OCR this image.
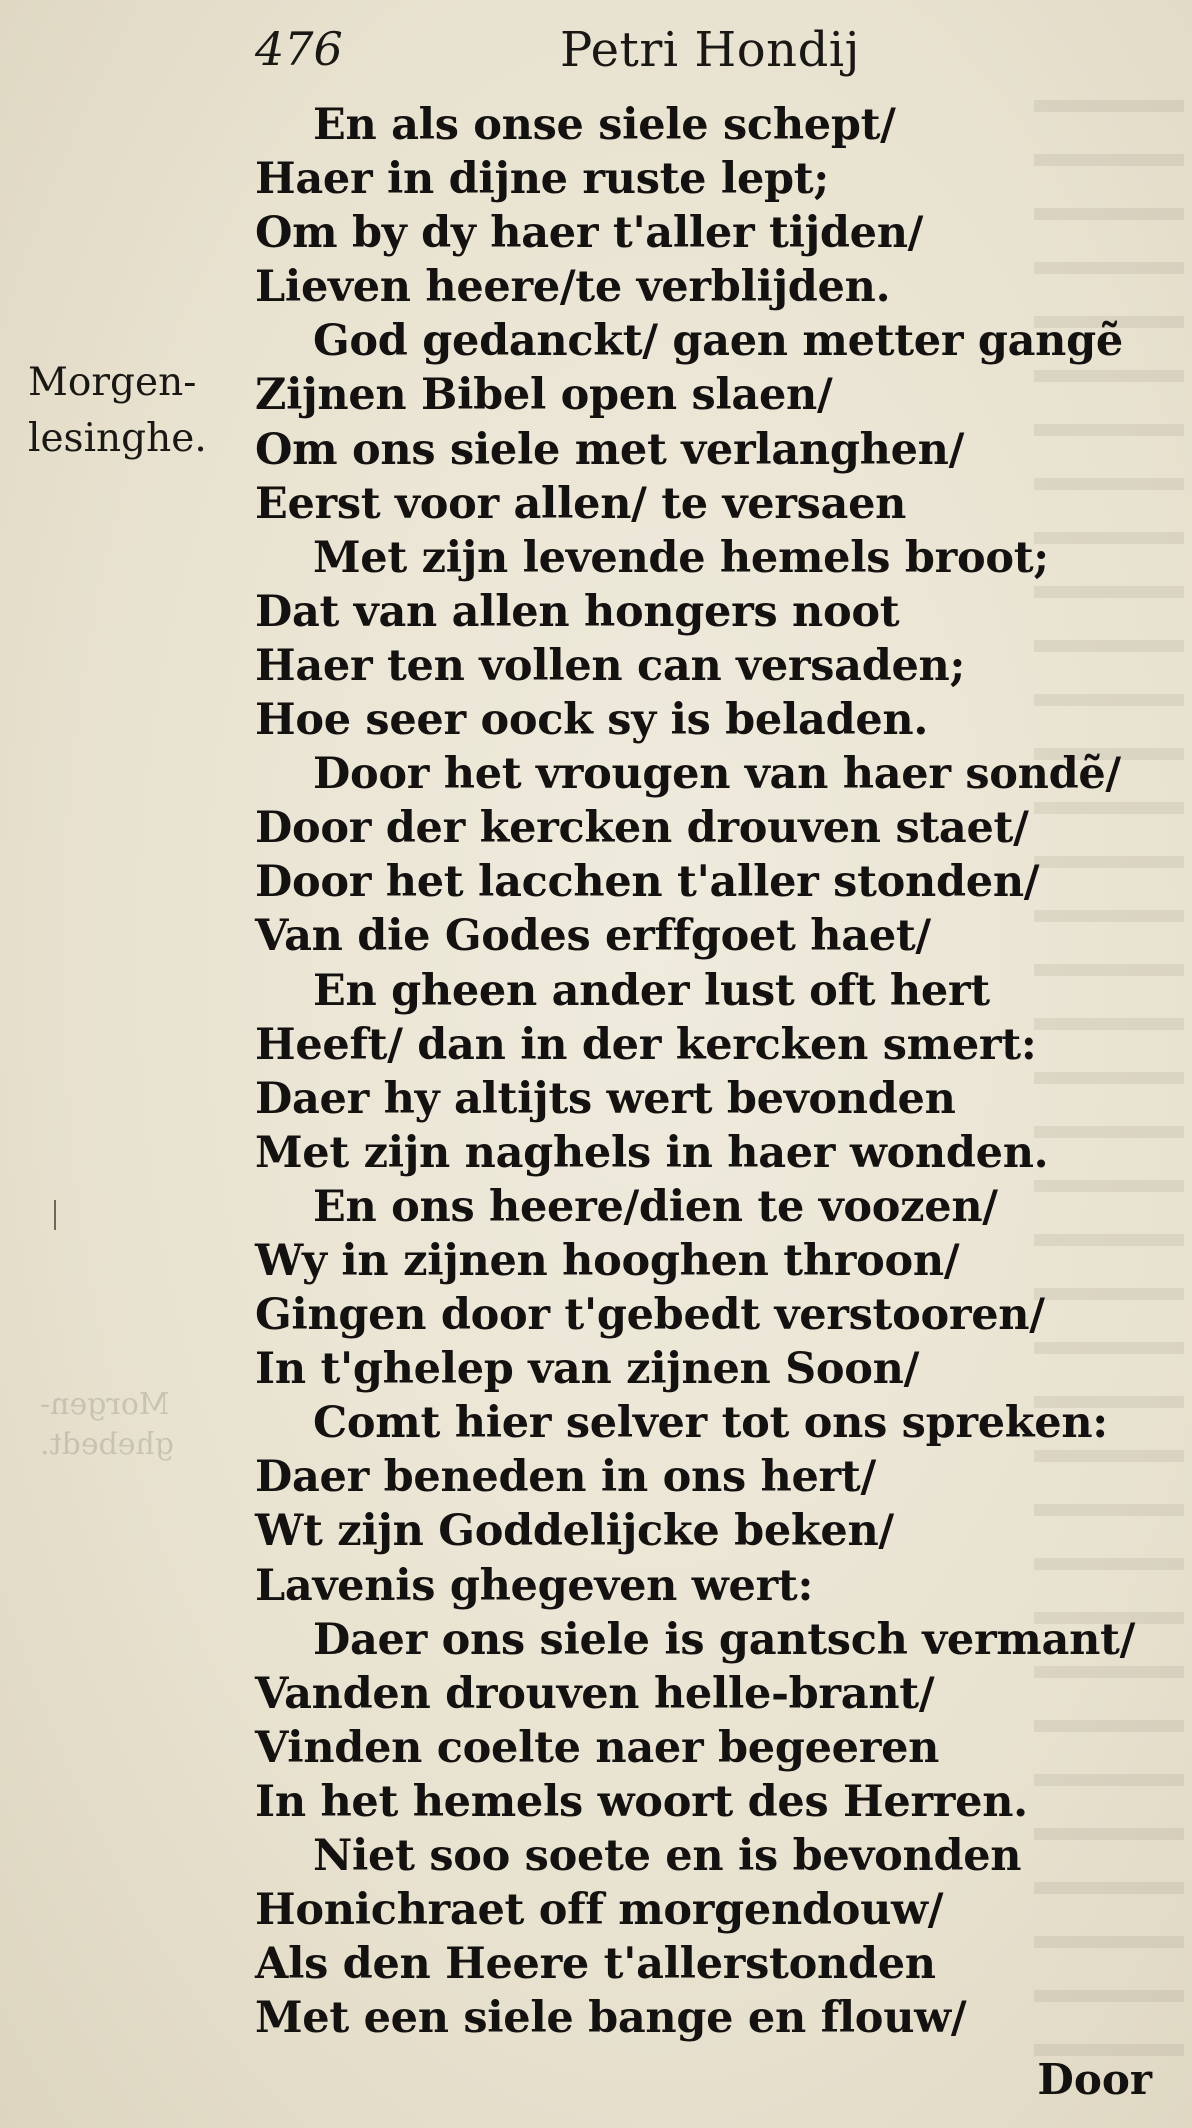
Morgen-
ghebedt.
476	Petri Hondij
Morgen-
lesinghe.
En als onse siele schept/
Haer in dijne ruste lept;
Om by dy haer t'aller tijden/
Lieven heere/te verblijden.
God gedanckt/ gaen metter gangẽ
Zijnen Bibel open slaen/
Om ons siele met verlanghen/
Eerst voor allen/ te versaen
Met zijn levende hemels broot;
Dat van allen hongers noot
Haer ten vollen can versaden;
Hoe seer oock sy is beladen.
Door het vrougen van haer sondẽ/
Door der kercken drouven staet/
Door het lacchen t'aller stonden/
Van die Godes erffgoet haet/
En gheen ander lust oft hert
Heeft/ dan in der kercken smert:
Daer hy altijts wert bevonden
Met zijn naghels in haer wonden.
En ons heere/dien te voozen/
Wy in zijnen hooghen throon/
Gingen door t'gebedt verstooren/
In t'ghelep van zijnen Soon/
Comt hier selver tot ons spreken:
Daer beneden in ons hert/
Wt zijn Goddelijcke beken/
Lavenis ghegeven wert:
Daer ons siele is gantsch vermant/
Vanden drouven helle-brant/
Vinden coelte naer begeeren
In het hemels woort des Herren.
Niet soo soete en is bevonden
Honichraet off morgendouw/
Als den Heere t'allerstonden
Met een siele bange en flouw/
Door
